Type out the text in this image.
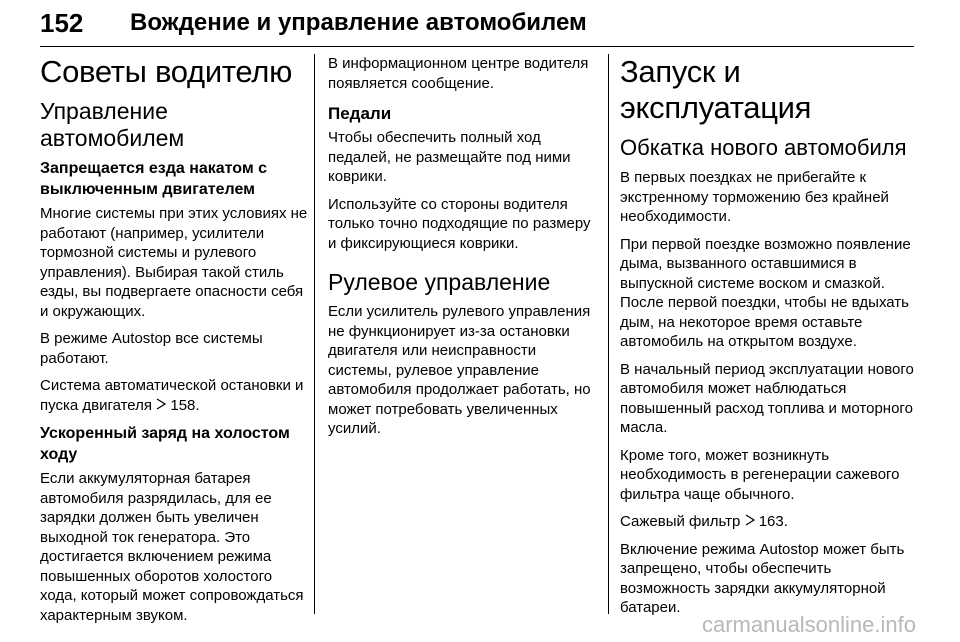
152 Вождение и управление автомобилем
Советы водителю
Управление автомобилем
Запрещается езда накатом с выключенным двигателем
Многие системы при этих условиях не работают (например, усилители тормозной системы и рулевого управления). Выбирая такой стиль езды, вы подвергаете опасности себя и окружающих.
В режиме Autostop все системы работают.
Система автоматической остановки и пуска двигателя 158.
Ускоренный заряд на холостом ходу
Если аккумуляторная батарея автомобиля разрядилась, для ее зарядки должен быть увеличен выходной ток генератора. Это достигается включением режима повышенных оборотов холостого хода, который может сопровождаться характерным звуком.
В информационном центре водителя появляется сообщение.
Педали
Чтобы обеспечить полный ход педалей, не размещайте под ними коврики.
Используйте со стороны водителя только точно подходящие по размеру и фиксирующиеся коврики.
Рулевое управление
Если усилитель рулевого управления не функционирует из-за остановки двигателя или неисправности системы, рулевое управление автомобиля продолжает работать, но может потребовать увеличенных усилий.
Запуск и эксплуатация
Обкатка нового автомобиля
В первых поездках не прибегайте к экстренному торможению без крайней необходимости.
При первой поездке возможно появление дыма, вызванного оставшимися в выпускной системе воском и смазкой. После первой поездки, чтобы не вдыхать дым, на некоторое время оставьте автомобиль на открытом воздухе.
В начальный период эксплуатации нового автомобиля может наблюдаться повышенный расход топлива и моторного масла.
Кроме того, может возникнуть необходимость в регенерации сажевого фильтра чаще обычного.
Сажевый фильтр 163.
Включение режима Autostop может быть запрещено, чтобы обеспечить возможность зарядки аккумуляторной батареи.
carmanualsonline.info
